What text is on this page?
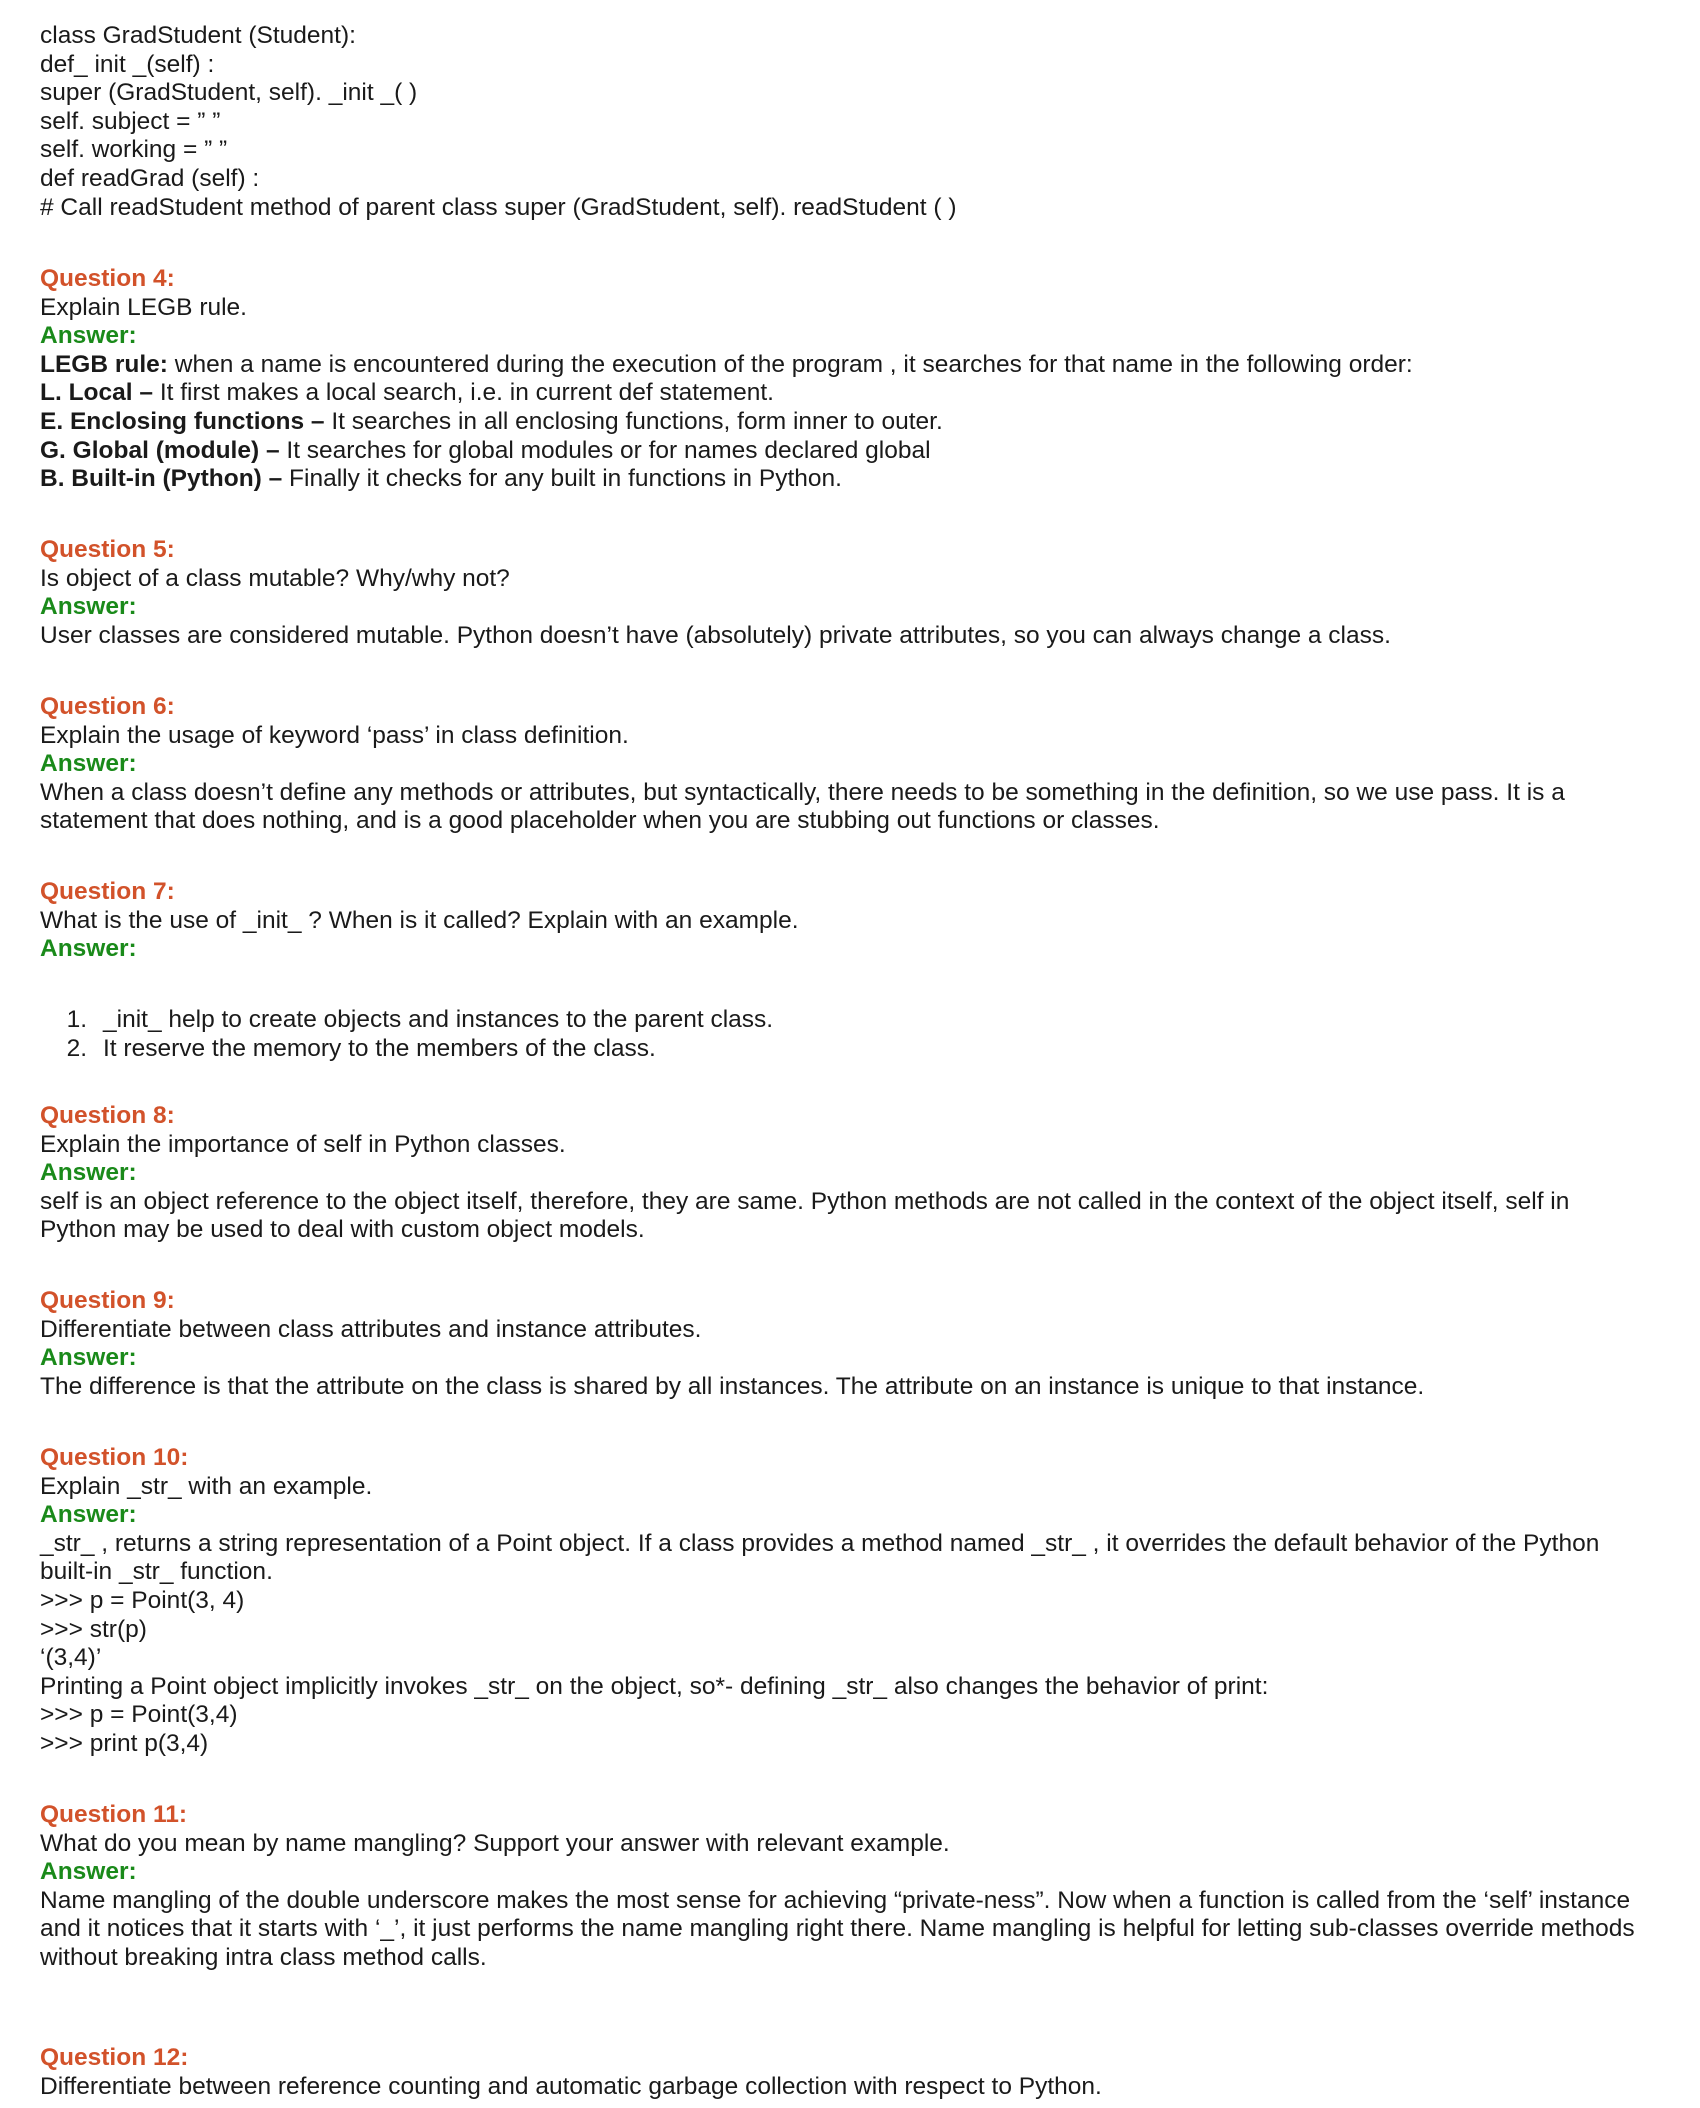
class GradStudent (Student):
def_ init _(self) :
super (GradStudent, self). _init _( )
self. subject = ” ”
self. working = ” ”
def readGrad (self) :
# Call readStudent method of parent class super (GradStudent, self). readStudent ( )
Question 4:
Explain LEGB rule.
Answer:
LEGB rule: when a name is encountered during the execution of the program , it searches for that name in the following order:
L. Local – It first makes a local search, i.e. in current def statement.
E. Enclosing functions – It searches in all enclosing functions, form inner to outer.
G. Global (module) – It searches for global modules or for names declared global
B. Built-in (Python) – Finally it checks for any built in functions in Python.
Question 5:
Is object of a class mutable? Why/why not?
Answer:
User classes are considered mutable. Python doesn’t have (absolutely) private attributes, so you can always change a class.
Question 6:
Explain the usage of keyword ‘pass’ in class definition.
Answer:
When a class doesn’t define any methods or attributes, but syntactically, there needs to be something in the definition, so we use pass. It is a statement that does nothing, and is a good placeholder when you are stubbing out functions or classes.
Question 7:
What is the use of _init_ ? When is it called? Explain with an example.
Answer:
1. _init_ help to create objects and instances to the parent class.
2. It reserve the memory to the members of the class.
Question 8:
Explain the importance of self in Python classes.
Answer:
self is an object reference to the object itself, therefore, they are same. Python methods are not called in the context of the object itself, self in Python may be used to deal with custom object models.
Question 9:
Differentiate between class attributes and instance attributes.
Answer:
The difference is that the attribute on the class is shared by all instances. The attribute on an instance is unique to that instance.
Question 10:
Explain _str_ with an example.
Answer:
_str_ , returns a string representation of a Point object. If a class provides a method named _str_ , it overrides the default behavior of the Python built-in _str_ function.
>>> p = Point(3, 4)
>>> str(p)
‘(3,4)’
Printing a Point object implicitly invokes _str_ on the object, so*- defining _str_ also changes the behavior of print:
>>> p = Point(3,4)
>>> print p(3,4)
Question 11:
What do you mean by name mangling? Support your answer with relevant example.
Answer:
Name mangling of the double underscore makes the most sense for achieving “private-ness”. Now when a function is called from the ‘self’ instance
and it notices that it starts with ‘_’, it just performs the name mangling right there. Name mangling is helpful for letting sub-classes override methods without breaking intra class method calls.
Question 12:
Differentiate between reference counting and automatic garbage collection with respect to Python.
